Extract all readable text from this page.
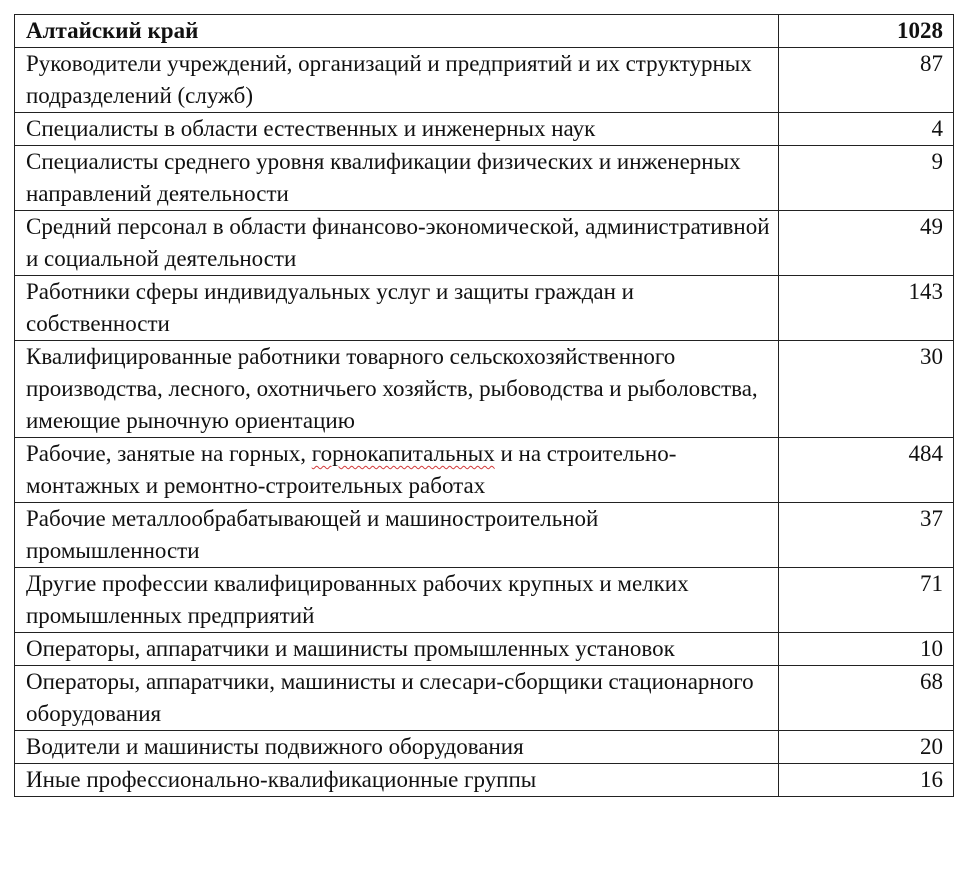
Алтайский край	1028
Руководители учреждений, организаций и предприятий и их структурных подразделений (служб)	87
Специалисты в области естественных и инженерных наук	4
Специалисты среднего уровня квалификации физических и инженерных направлений деятельности	9
Средний персонал в области финансово-экономической, административной и социальной деятельности	49
Работники сферы индивидуальных услуг и защиты граждан и собственности	143
Квалифицированные работники товарного сельскохозяйственного производства, лесного, охотничьего хозяйств, рыбоводства и рыболовства, имеющие рыночную ориентацию	30
Рабочие, занятые на горных, горнокапитальных и на строительно-монтажных и ремонтно-строительных работах	484
Рабочие металлообрабатывающей и машиностроительной промышленности	37
Другие профессии квалифицированных рабочих крупных и мелких промышленных предприятий	71
Операторы, аппаратчики и машинисты промышленных установок	10
Операторы, аппаратчики, машинисты и слесари-сборщики стационарного оборудования	68
Водители и машинисты подвижного оборудования	20
Иные профессионально-квалификационные группы	16
